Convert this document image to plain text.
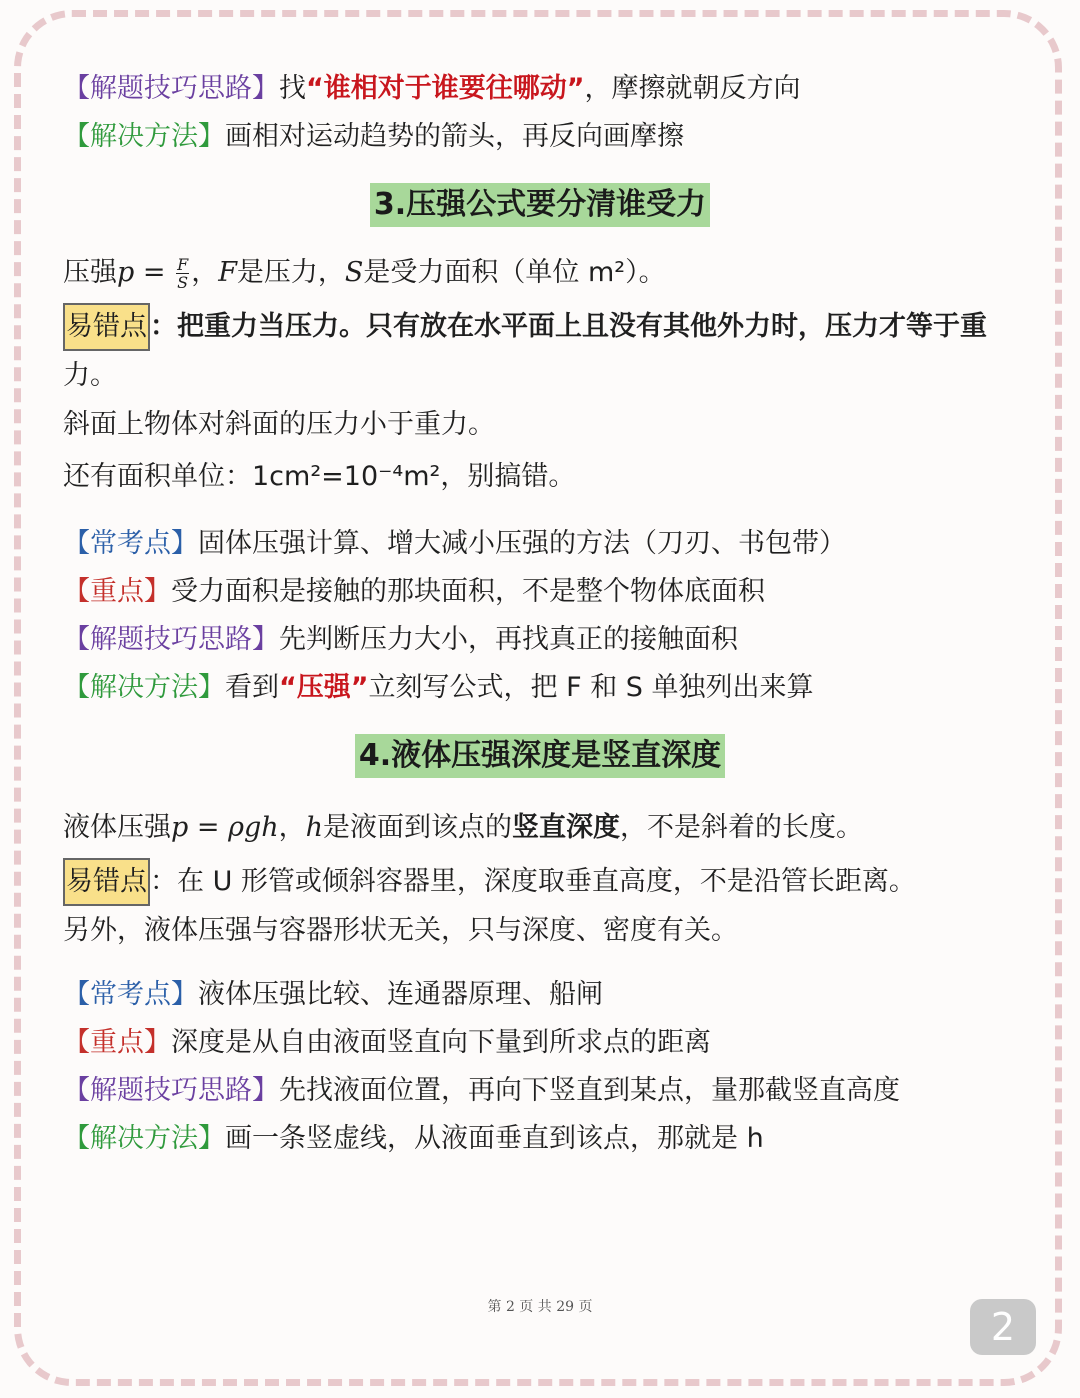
【解题技巧思路】找“谁相对于谁要往哪动”，摩擦就朝反方向
【解决方法】画相对运动趋势的箭头，再反向画摩擦
3.压强公式要分清谁受力
压强$p = \frac{F}{S}$ ，F是压力，S是受力面积（单位 m²）。
易错点 ：把重力当压力。只有放在水平面上且没有其他外力时，压力才等于重
力。
斜面上物体对斜面的压力小于重力。
还有面积单位：1cm²=10⁻⁴m²，别搞错。
【常考点】固体压强计算、增大减小压强的方法（刀刃、书包带）
【重点】受力面积是接触的那块面积，不是整个物体底面积
【解题技巧思路】先判断压力大小，再找真正的接触面积
【解决方法】看到“压强”立刻写公式，把 F 和 S 单独列出来算
4.液体压强深度是竖直深度
液体压强p = ρgℎ，ℎ是液面到该点的竖直深度，不是斜着的长度。
易错点 ：在 U 形管或倾斜容器里，深度取垂直高度，不是沿管长距离。
另外，液体压强与容器形状无关，只与深度、密度有关。
【常考点】液体压强比较、连通器原理、船闸
【重点】深度是从自由液面竖直向下量到所求点的距离
【解题技巧思路】先找液面位置，再向下竖直到某点，量那截竖直高度
【解决方法】画一条竖虚线，从液面垂直到该点，那就是 h
第 2 页 共 29 页	2
